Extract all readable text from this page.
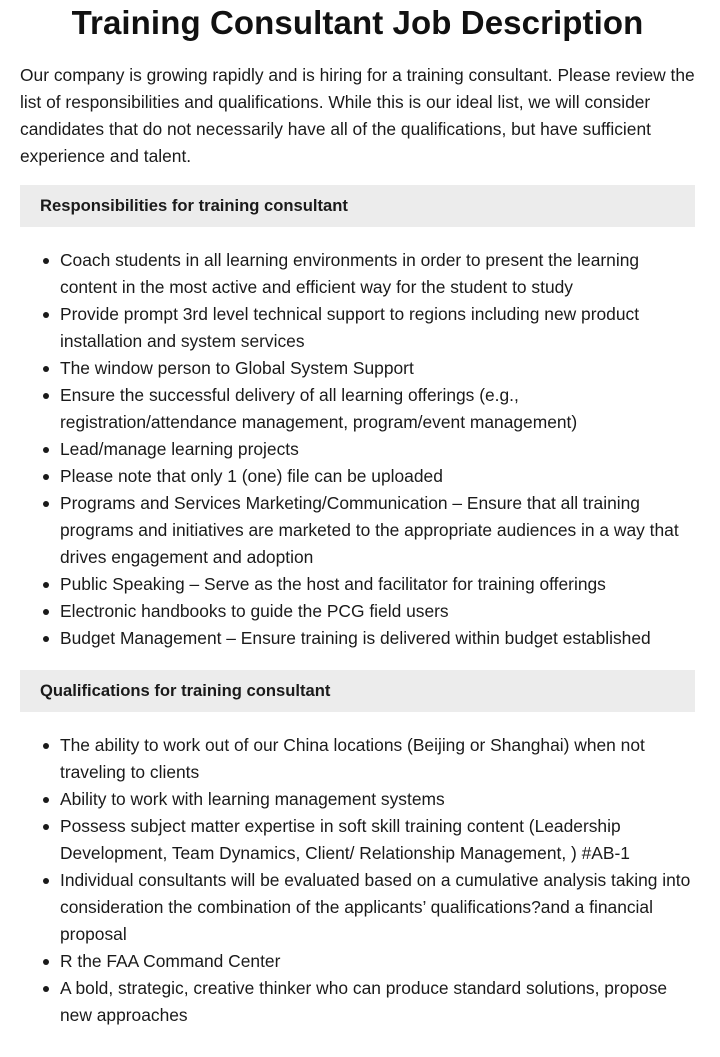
Training Consultant Job Description

Our company is growing rapidly and is hiring for a training consultant. Please review the list of responsibilities and qualifications. While this is our ideal list, we will consider candidates that do not necessarily have all of the qualifications, but have sufficient experience and talent.

Responsibilities for training consultant
Coach students in all learning environments in order to present the learning content in the most active and efficient way for the student to study
Provide prompt 3rd level technical support to regions including new product installation and system services
The window person to Global System Support
Ensure the successful delivery of all learning offerings (e.g., registration/attendance management, program/event management)
Lead/manage learning projects
Please note that only 1 (one) file can be uploaded
Programs and Services Marketing/Communication – Ensure that all training programs and initiatives are marketed to the appropriate audiences in a way that drives engagement and adoption
Public Speaking – Serve as the host and facilitator for training offerings
Electronic handbooks to guide the PCG field users
Budget Management – Ensure training is delivered within budget established
Qualifications for training consultant
The ability to work out of our China locations (Beijing or Shanghai) when not traveling to clients
Ability to work with learning management systems
Possess subject matter expertise in soft skill training content (Leadership Development, Team Dynamics, Client/ Relationship Management, ) #AB-1
Individual consultants will be evaluated based on a cumulative analysis taking into consideration the combination of the applicants’ qualifications?and a financial proposal
R the FAA Command Center
A bold, strategic, creative thinker who can produce standard solutions, propose new approaches
